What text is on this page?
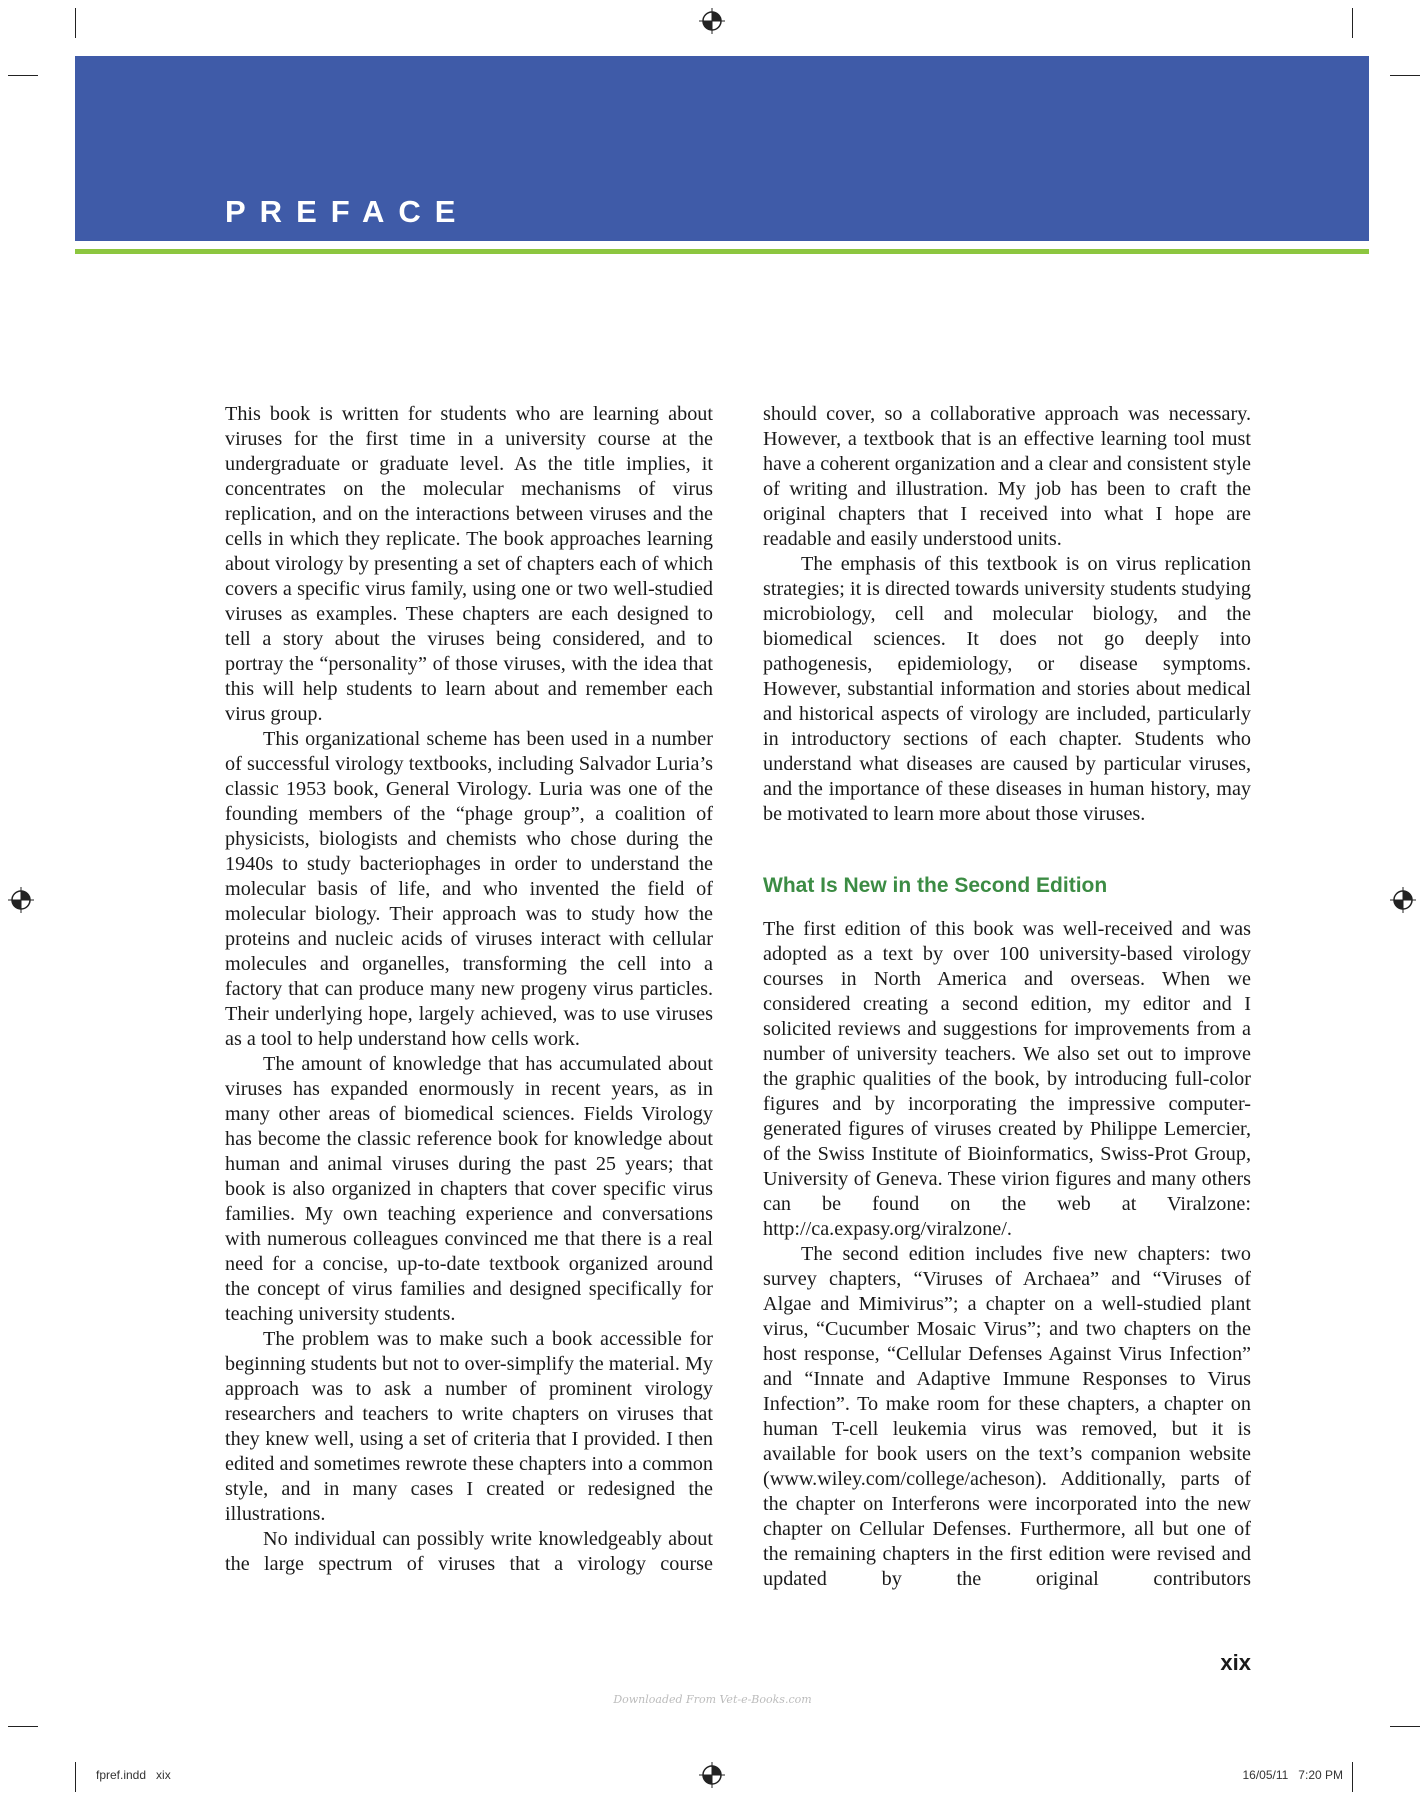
PREFACE

This book is written for students who are learning about viruses for the first time in a university course at the undergraduate or graduate level. As the title implies, it concentrates on the molecular mechanisms of virus replication, and on the interactions between viruses and the cells in which they replicate. The book approaches learning about virology by presenting a set of chapters each of which covers a specific virus family, using one or two well-studied viruses as examples. These chapters are each designed to tell a story about the viruses being considered, and to portray the “personality” of those viruses, with the idea that this will help students to learn about and remember each virus group.

This organizational scheme has been used in a number of successful virology textbooks, including Salvador Luria’s classic 1953 book, General Virology. Luria was one of the founding members of the “phage group”, a coalition of physicists, biologists and chemists who chose during the 1940s to study bacteriophages in order to understand the molecular basis of life, and who invented the field of molecular biology. Their approach was to study how the proteins and nucleic acids of viruses interact with cellular molecules and organelles, transforming the cell into a factory that can produce many new progeny virus particles. Their underlying hope, largely achieved, was to use viruses as a tool to help understand how cells work.

The amount of knowledge that has accumulated about viruses has expanded enormously in recent years, as in many other areas of biomedical sciences. Fields Virology has become the classic reference book for knowledge about human and animal viruses during the past 25 years; that book is also organized in chapters that cover specific virus families. My own teaching experience and conversations with numerous colleagues convinced me that there is a real need for a concise, up-to-date textbook organized around the concept of virus families and designed specifically for teaching university students.

The problem was to make such a book accessible for beginning students but not to over-simplify the material. My approach was to ask a number of prominent virology researchers and teachers to write chapters on viruses that they knew well, using a set of criteria that I provided. I then edited and sometimes rewrote these chapters into a common style, and in many cases I created or redesigned the illustrations.

No individual can possibly write knowledgeably about the large spectrum of viruses that a virology course

should cover, so a collaborative approach was necessary. However, a textbook that is an effective learning tool must have a coherent organization and a clear and consistent style of writing and illustration. My job has been to craft the original chapters that I received into what I hope are readable and easily understood units.

The emphasis of this textbook is on virus replication strategies; it is directed towards university students studying microbiology, cell and molecular biology, and the biomedical sciences. It does not go deeply into pathogenesis, epidemiology, or disease symptoms. However, substantial information and stories about medical and historical aspects of virology are included, particularly in introductory sections of each chapter. Students who understand what diseases are caused by particular viruses, and the importance of these diseases in human history, may be motivated to learn more about those viruses.

What Is New in the Second Edition

The first edition of this book was well-received and was adopted as a text by over 100 university-based virology courses in North America and overseas. When we considered creating a second edition, my editor and I solicited reviews and suggestions for improvements from a number of university teachers. We also set out to improve the graphic qualities of the book, by introducing full-color figures and by incorporating the impressive computer-generated figures of viruses created by Philippe Lemercier, of the Swiss Institute of Bioinformatics, Swiss-Prot Group, University of Geneva. These virion figures and many others can be found on the web at Viralzone: http://ca.expasy.org/viralzone/.

The second edition includes five new chapters: two survey chapters, “Viruses of Archaea” and “Viruses of Algae and Mimivirus”; a chapter on a well-studied plant virus, “Cucumber Mosaic Virus”; and two chapters on the host response, “Cellular Defenses Against Virus Infection” and “Innate and Adaptive Immune Responses to Virus Infection”. To make room for these chapters, a chapter on human T-cell leukemia virus was removed, but it is available for book users on the text’s companion website (www.wiley.com/college/acheson). Additionally, parts of the chapter on Interferons were incorporated into the new chapter on Cellular Defenses. Furthermore, all but one of the remaining chapters in the first edition were revised and updated by the original contributors

xix
Downloaded From Vet-e-Books.com
fpref.indd   xix	16/05/11   7:20 PM
